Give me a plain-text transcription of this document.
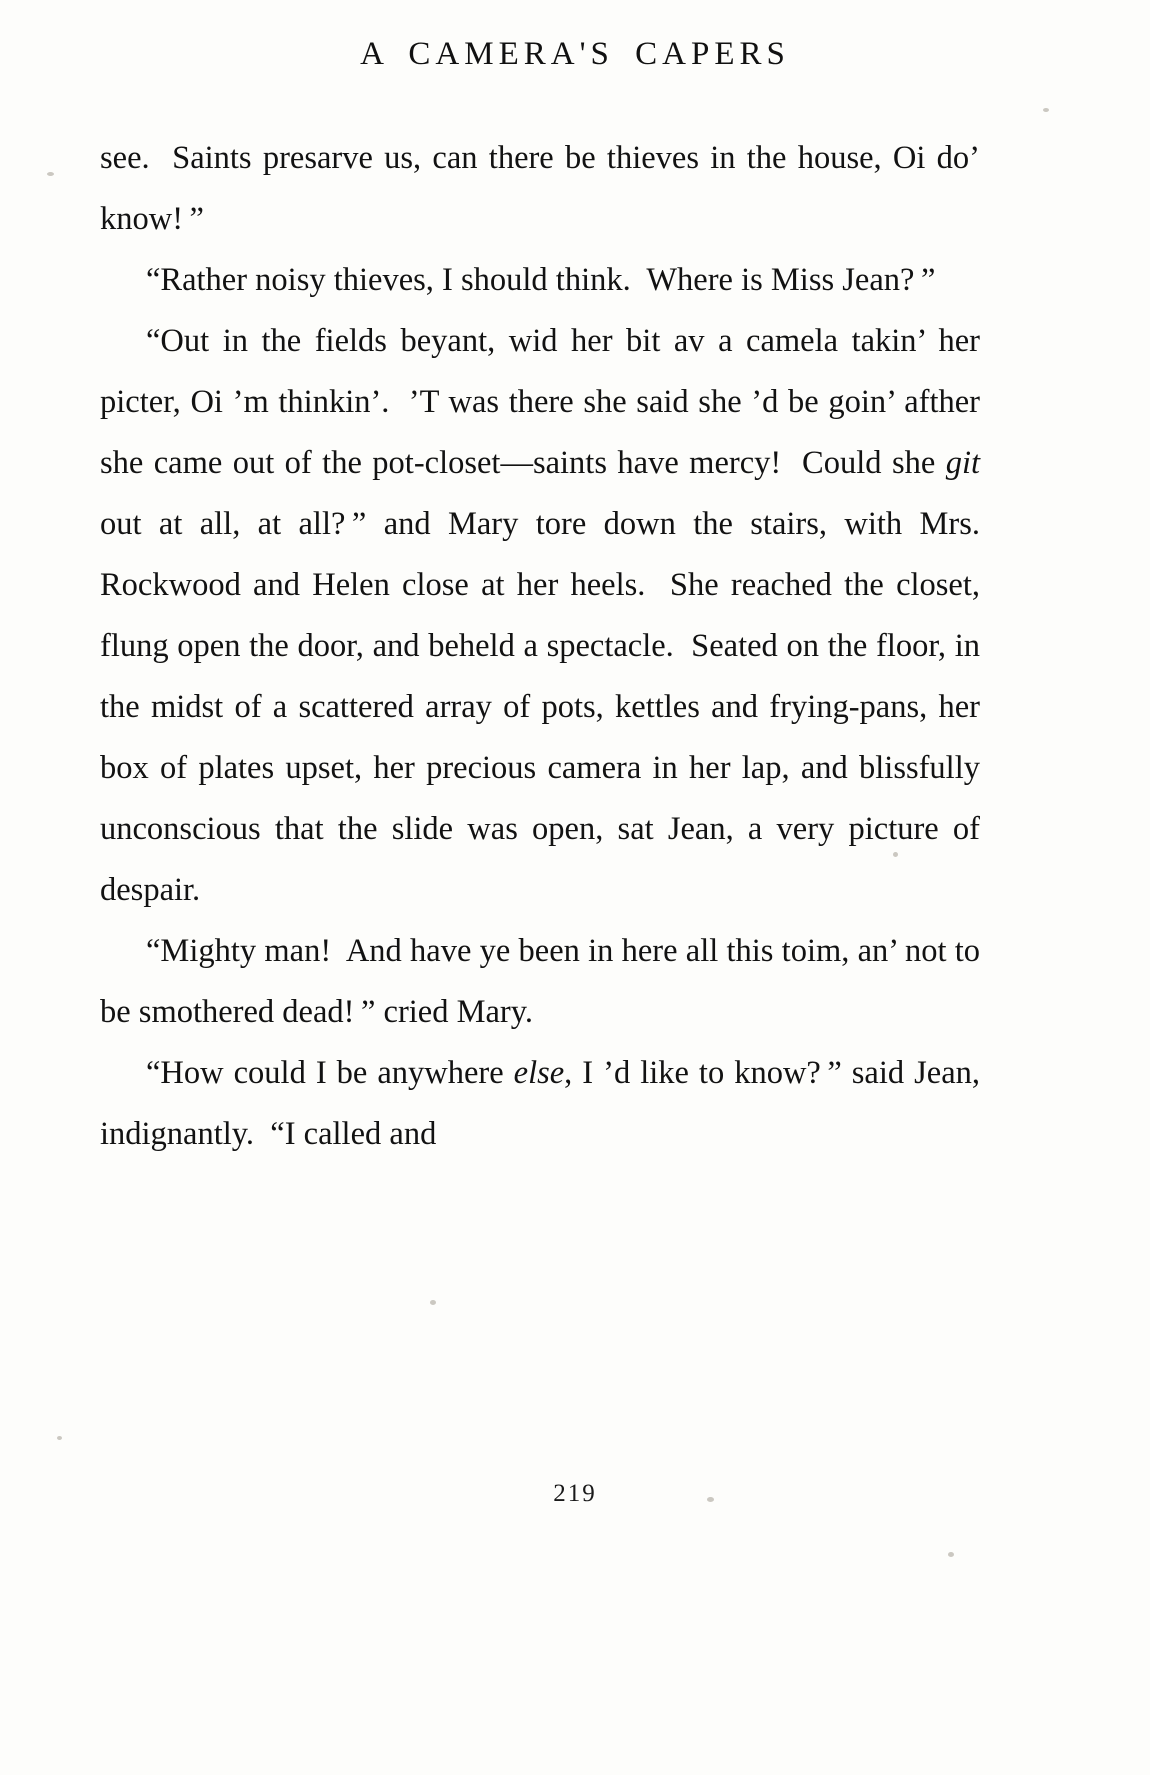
A CAMERA'S CAPERS

see.  Saints presarve us, can there be thieves in the house, Oi do’ know! ”

“Rather noisy thieves, I should think.  Where is Miss Jean? ”

“Out in the fields beyant, wid her bit av a camela takin’ her picter, Oi ’m thinkin’.  ’T was there she said she ’d be goin’ afther she came out of the pot-closet—saints have mercy!  Could she git out at all, at all? ” and Mary tore down the stairs, with Mrs. Rockwood and Helen close at her heels.  She reached the closet, flung open the door, and beheld a spectacle.  Seated on the floor, in the midst of a scattered array of pots, kettles and frying-pans, her box of plates upset, her precious camera in her lap, and blissfully unconscious that the slide was open, sat Jean, a very picture of despair.

“Mighty man!  And have ye been in here all this toim, an’ not to be smothered dead! ” cried Mary.

“How could I be anywhere else, I ’d like to know? ” said Jean, indignantly.  “I called and

219
